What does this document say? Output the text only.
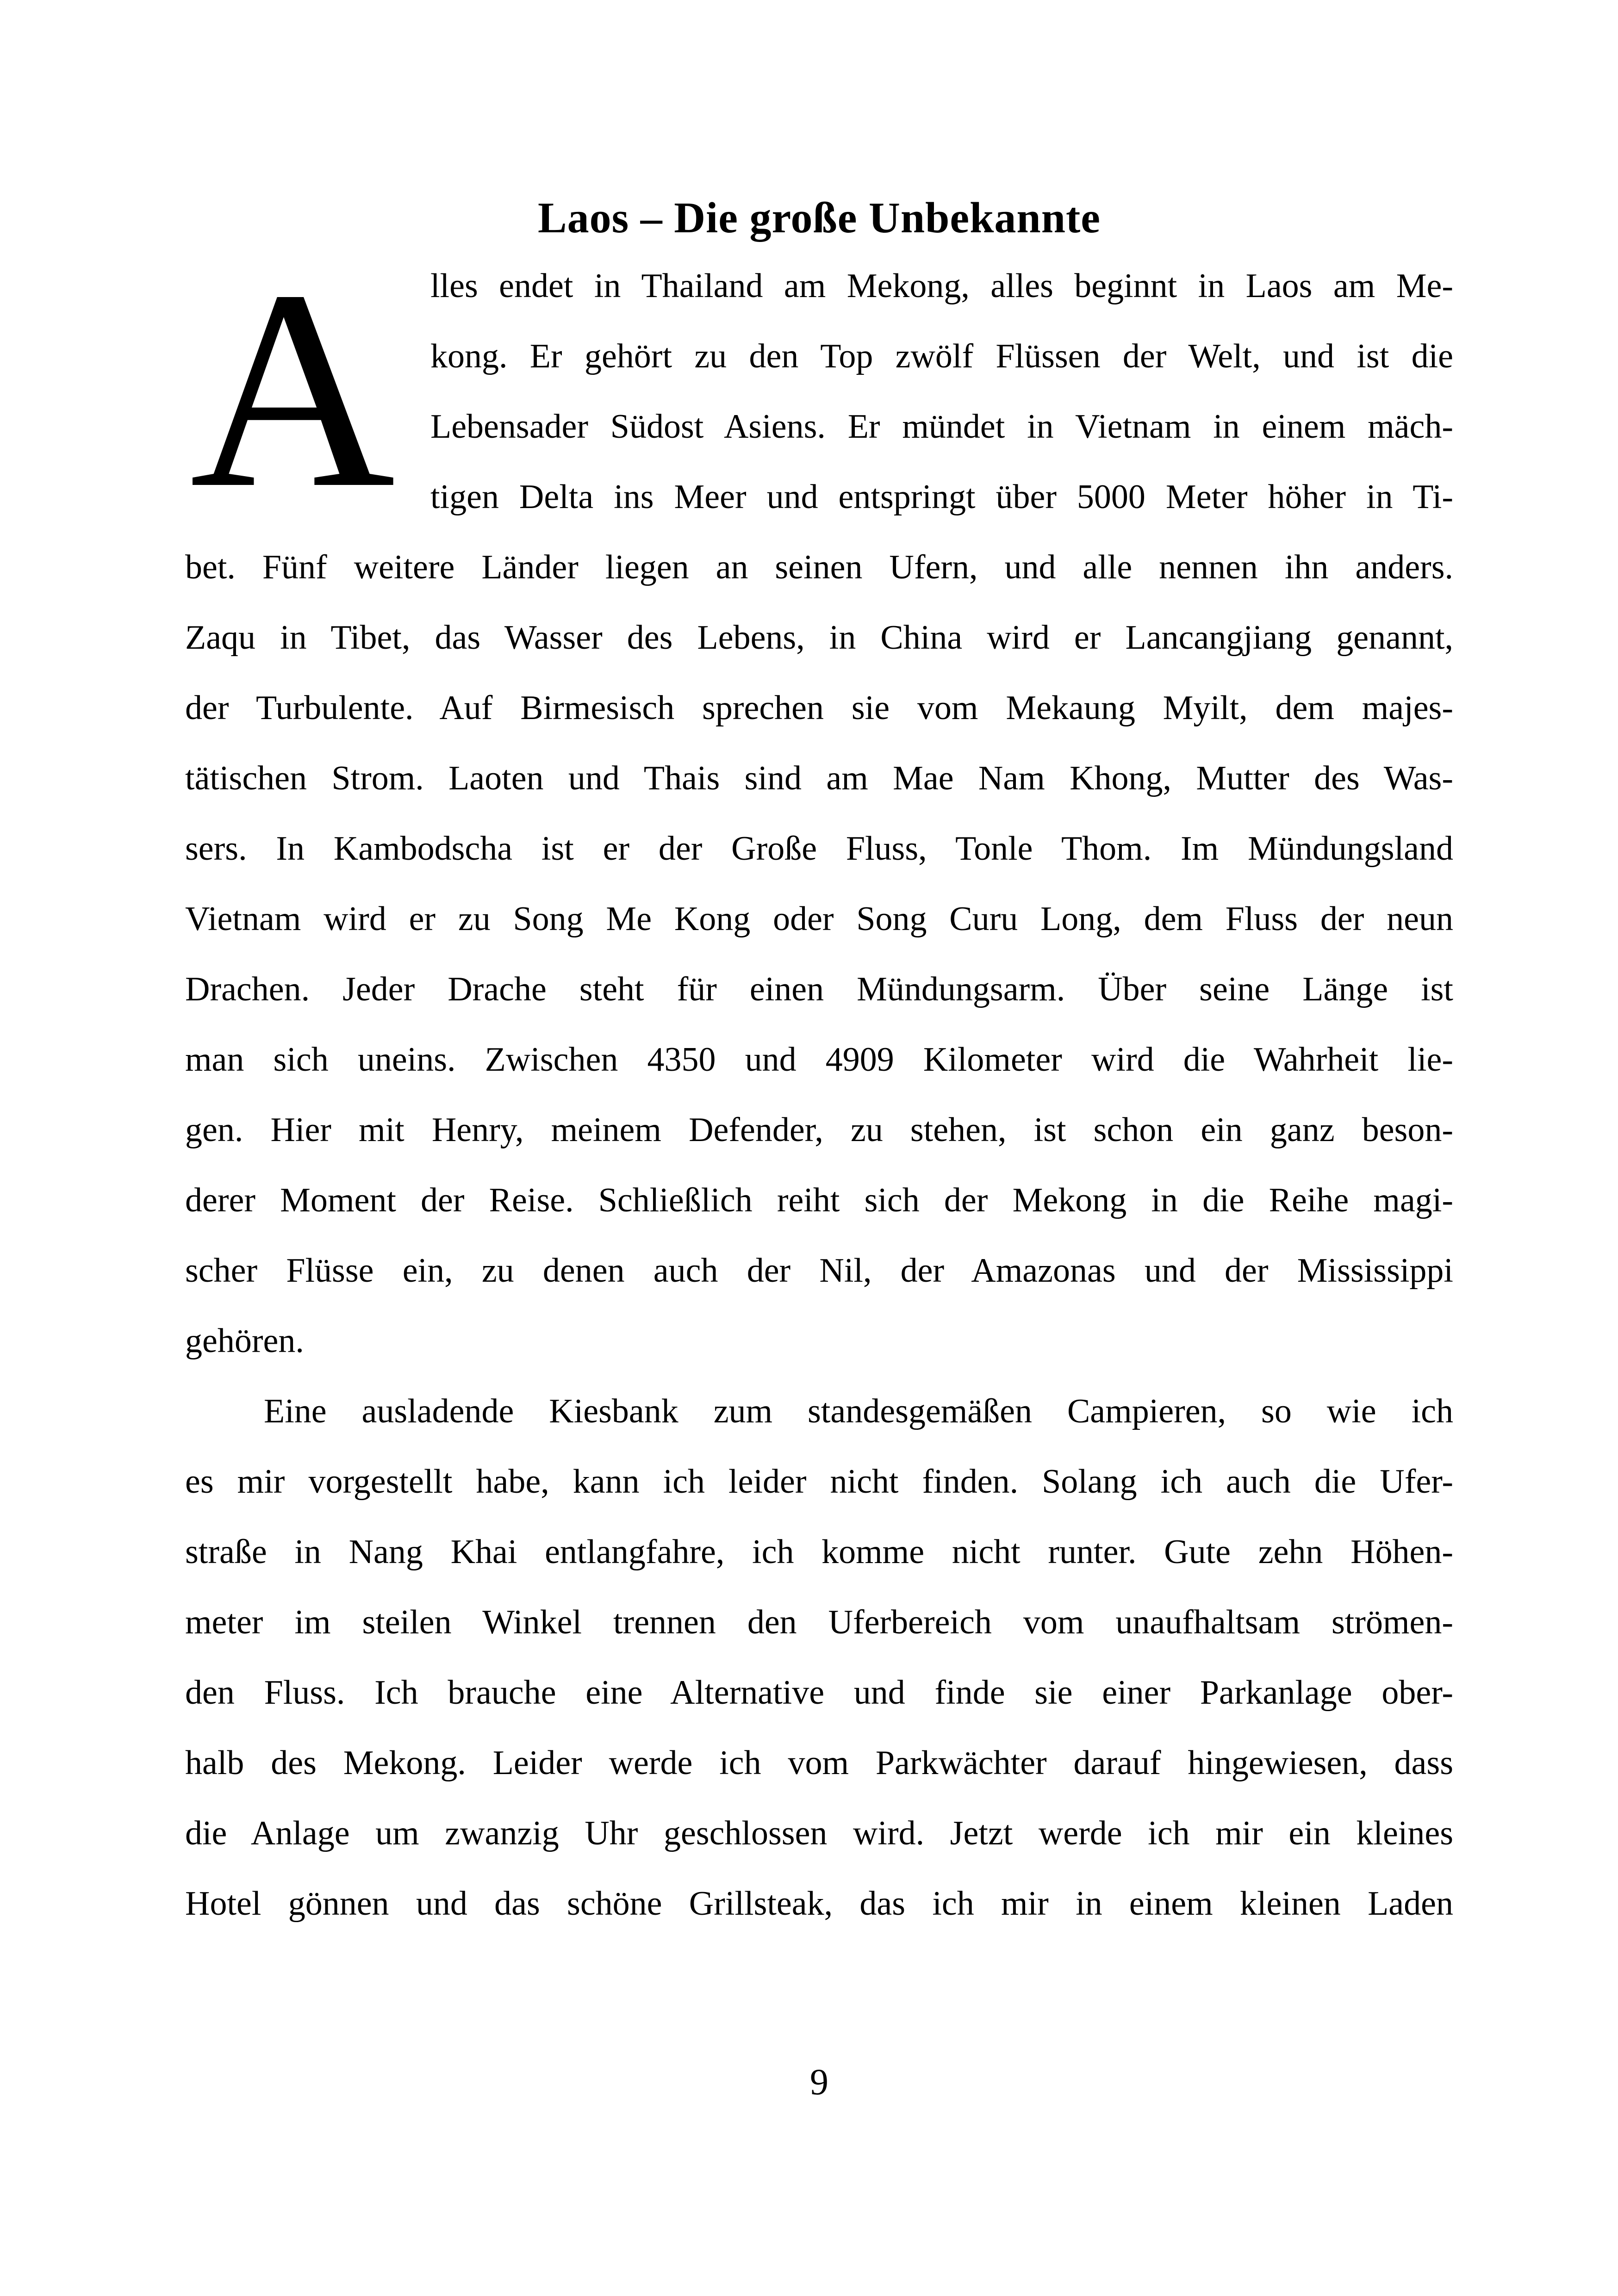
Laos – Die große Unbekannte
A	lles endet in Thailand am Mekong, alles beginnt in Laos am Me-
kong. Er gehört zu den Top zwölf Flüssen der Welt, und ist die
Lebensader Südost Asiens. Er mündet in Vietnam in einem mäch-
tigen Delta ins Meer und entspringt über 5000 Meter höher in Ti-
bet. Fünf weitere Länder liegen an seinen Ufern, und alle nennen ihn anders.
Zaqu in Tibet, das Wasser des Lebens, in China wird er Lancangjiang genannt,
der Turbulente. Auf Birmesisch sprechen sie vom Mekaung Myilt, dem majes-
tätischen Strom. Laoten und Thais sind am Mae Nam Khong, Mutter des Was-
sers. In Kambodscha ist er der Große Fluss, Tonle Thom. Im Mündungsland
Vietnam wird er zu Song Me Kong oder Song Curu Long, dem Fluss der neun
Drachen. Jeder Drache steht für einen Mündungsarm. Über seine Länge ist
man sich uneins. Zwischen 4350 und 4909 Kilometer wird die Wahrheit lie-
gen. Hier mit Henry, meinem Defender, zu stehen, ist schon ein ganz beson-
derer Moment der Reise. Schließlich reiht sich der Mekong in die Reihe magi-
scher Flüsse ein, zu denen auch der Nil, der Amazonas und der Mississippi
gehören.
Eine ausladende Kiesbank zum standesgemäßen Campieren, so wie ich
es mir vorgestellt habe, kann ich leider nicht finden. Solang ich auch die Ufer-
straße in Nang Khai entlangfahre, ich komme nicht runter. Gute zehn Höhen-
meter im steilen Winkel trennen den Uferbereich vom unaufhaltsam strömen-
den Fluss. Ich brauche eine Alternative und finde sie einer Parkanlage ober-
halb des Mekong. Leider werde ich vom Parkwächter darauf hingewiesen, dass
die Anlage um zwanzig Uhr geschlossen wird. Jetzt werde ich mir ein kleines
Hotel gönnen und das schöne Grillsteak, das ich mir in einem kleinen Laden
9
